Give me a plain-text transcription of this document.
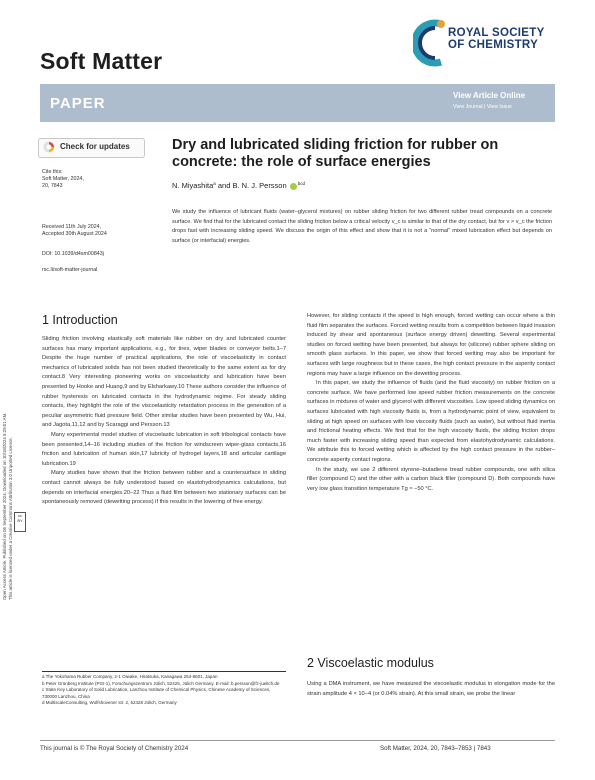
Soft Matter
ROYAL SOCIETY
OF CHEMISTRY
PAPER	View Article Online
View Journal | View Issue
Check for updates	Dry and lubricated sliding friction for rubber on concrete: the role of surface energies
N. Miyashita$^a$ and B. N. J. Persson $^{bcd}$
Cite this:
Soft Matter, 2024,
20, 7843
Received 11th July 2024,
Accepted 30th August 2024
DOI: 10.1039/d4sm00843j
rsc.li/soft-matter-journal
We study the influence of lubricant fluids (water–glycerol mixtures) on rubber sliding friction for two different rubber tread compounds on a concrete surface. We find that for the lubricated contact the sliding friction below a critical velocity v_c is similar to that of the dry contact, but for v > v_c the friction drops fast with increasing sliding speed. We discuss the origin of this effect and show that it is not a “normal” mixed lubrication effect but depends on surface (or interfacial) energies.
1 Introduction
Sliding friction involving elastically soft materials like rubber on dry and lubricated counter surfaces has many important applications, e.g., for tires, wiper blades or conveyor belts.1–7 Despite the huge number of practical applications, the role of viscoelasticity in contact mechanics of lubricated solids has not been studied theoretically to the same extent as for dry contact.8 Very interesting pioneering works on viscoelasticity and lubrication have been presented by Hooke and Huang,9 and by Elsharkawy.10 These authors consider the influence of rubber hysteresis on lubricated contacts in the hydrodynamic regime. For steady sliding contacts, they highlight the role of the viscoelasticity retardation process in the generation of a peculiar asymmetric fluid pressure field. Other similar studies have been presented by Wu, Hui, and Jagota,11,12 and by Scaraggi and Persson.13
Many experimental model studies of viscoelastic lubrication in soft tribological contacts have been presented,14–16 including studies of the friction for windscreen wiper-glass contacts,16 friction and lubrication of human skin,17 lubricity of hydrogel layers,18 and articular cartilage lubrication.19
Many studies have shown that the friction between rubber and a countersurface in sliding contact cannot always be fully understood based on elastohydrodynamics calculations, but depends on interfacial energies.20–22 Thus a fluid film between two stationary surfaces can be spontaneously removed (dewetting process) if this results in the lowering of free energy.
a The Yokohama Rubber Company, 2-1 Oiwake, Hiratsuka, Kanagawa 254-8601, Japan
b Peter Grünberg Institute (PGI-1), Forschungszentrum Jülich, 52425, Jülich Germany. E-mail: b.persson@fz-juelich.de
c State Key Laboratory of Solid Lubrication, Lanzhou Institute of Chemical Physics, Chinese Academy of Sciences, 730000 Lanzhou, China
d MultiscaleConsulting, Wolfshovener str. 2, 52428 Jülich, Germany
However, for sliding contacts if the speed is high enough, forced wetting can occur where a thin fluid film separates the surfaces. Forced wetting results from a competition between liquid invasion induced by shear and spontaneous (surface energy driven) dewetting. Several experimental studies on forced wetting have been presented, but always for (silicone) rubber sphere sliding on smooth glass surfaces. In this paper, we show that forced wetting may also be important for surfaces with large roughness but in these cases, the high contact pressure in the asperity contact regions may have a large influence on the dewetting process.
In this paper, we study the influence of fluids (and the fluid viscosity) on rubber friction on a concrete surface. We have performed low speed rubber friction measurements on the concrete surfaces in mixtures of water and glycerol with different viscosities. Low speed sliding dynamics on surfaces lubricated with high viscosity fluids is, from a hydrodynamic point of view, equivalent to sliding at high speed on surfaces with low viscosity fluids (such as water), but without fluid inertia and frictional heating effects. We find that for the high viscosity fluids, the sliding friction drops much faster with increasing sliding speed than expected from elastohydrodynamic calculations. We attribute this to forced wetting which is affected by the high contact pressure in the rubber–concrete asperity contact regions.
In the study, we use 2 different styrene–butadiene tread rubber compounds, one with silica filler (compound C) and the other with a carbon black filler (compound D). Both compounds have very low glass transition temperature Tg ≈ −50 °C.
2 Viscoelastic modulus
Using a DMA instrument, we have measured the viscoelastic modulus in elongation mode for the strain amplitude 4 × 10−4 (or 0.04% strain). At this small strain, we probe the linear
Open Access Article. Published on 06 September 2024. Downloaded on 10/18/2024 5:29:01 AM. This article is licensed under a Creative Commons Attribution 3.0 Unported Licence.	cc BY
This journal is © The Royal Society of Chemistry 2024	Soft Matter, 2024, 20, 7843–7853 | 7843
